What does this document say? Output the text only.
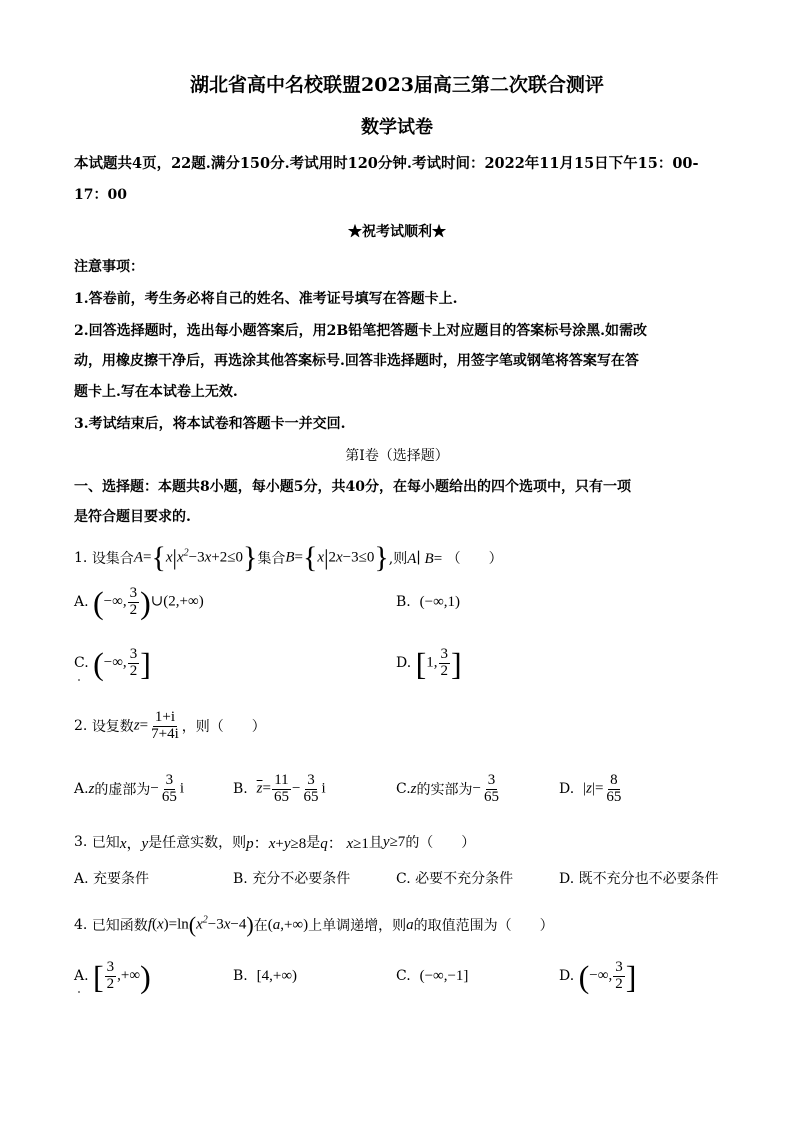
湖北省高中名校联盟2023届高三第二次联合测评
数学试卷
本试题共4页，22题.满分150分.考试用时120分钟.考试时间：2022年11月15日下午15：00-
17：00
★祝考试顺利★
注意事项：
1.答卷前，考生务必将自己的姓名、准考证号填写在答题卡上.
2.回答选择题时，选出每小题答案后，用2B铅笔把答题卡上对应题目的答案标号涂黑.如需改
动，用橡皮擦干净后，再选涂其他答案标号.回答非选择题时，用签字笔或钢笔将答案写在答
题卡上.写在本试卷上无效.
3.考试结束后，将本试卷和答题卡一并交回.
第Ⅰ卷（选择题）
一、选择题：本题共8小题，每小题5分，共40分，在每小题给出的四个选项中，只有一项
是符合题目要求的.
1.
设集合 $A=\{x|x^2-3x+2\le 0\}$ 集合 B={x|2x−3≤0} ,则 A∣ B=
（　　）
A.
(−∞, $\frac{3}{2}$ )∪(2,+∞)	B.
(−∞,1)
C.
(−∞, $\frac{3}{2}$ ]	D.
[1, $\frac{3}{2}$ ]
2.
设复数 $z= \frac{1+i}{7+4i}$ ，则（　　）
A. z 的虚部为 − $\frac{3}{65}$ i	B.
$\overline{z}= \frac{11}{65} - \frac{3}{65}$ i	C. z 的实部为 − $\frac{3}{65}$	D.
$|z|= \frac{8}{65}$
3.
已知 x，y 是任意实数，则 p：x+y≥8 是 q： x≥1 且 y≥7 的（　　）
A. 充要条件	B. 充分不必要条件	C. 必要不充分条件	D. 既不充分也不必要条件
4.
已知函数 $f(x)=\ln(x^2-3x-4)$ 在 (a,+∞) 上单调递增，则 a 的取值范围为（　　）
A.
[ $\frac{3}{2}$ ,+∞)	B.
[4,+∞)	C.
(−∞,−1]	D.
(−∞, $\frac{3}{2}$ ]
